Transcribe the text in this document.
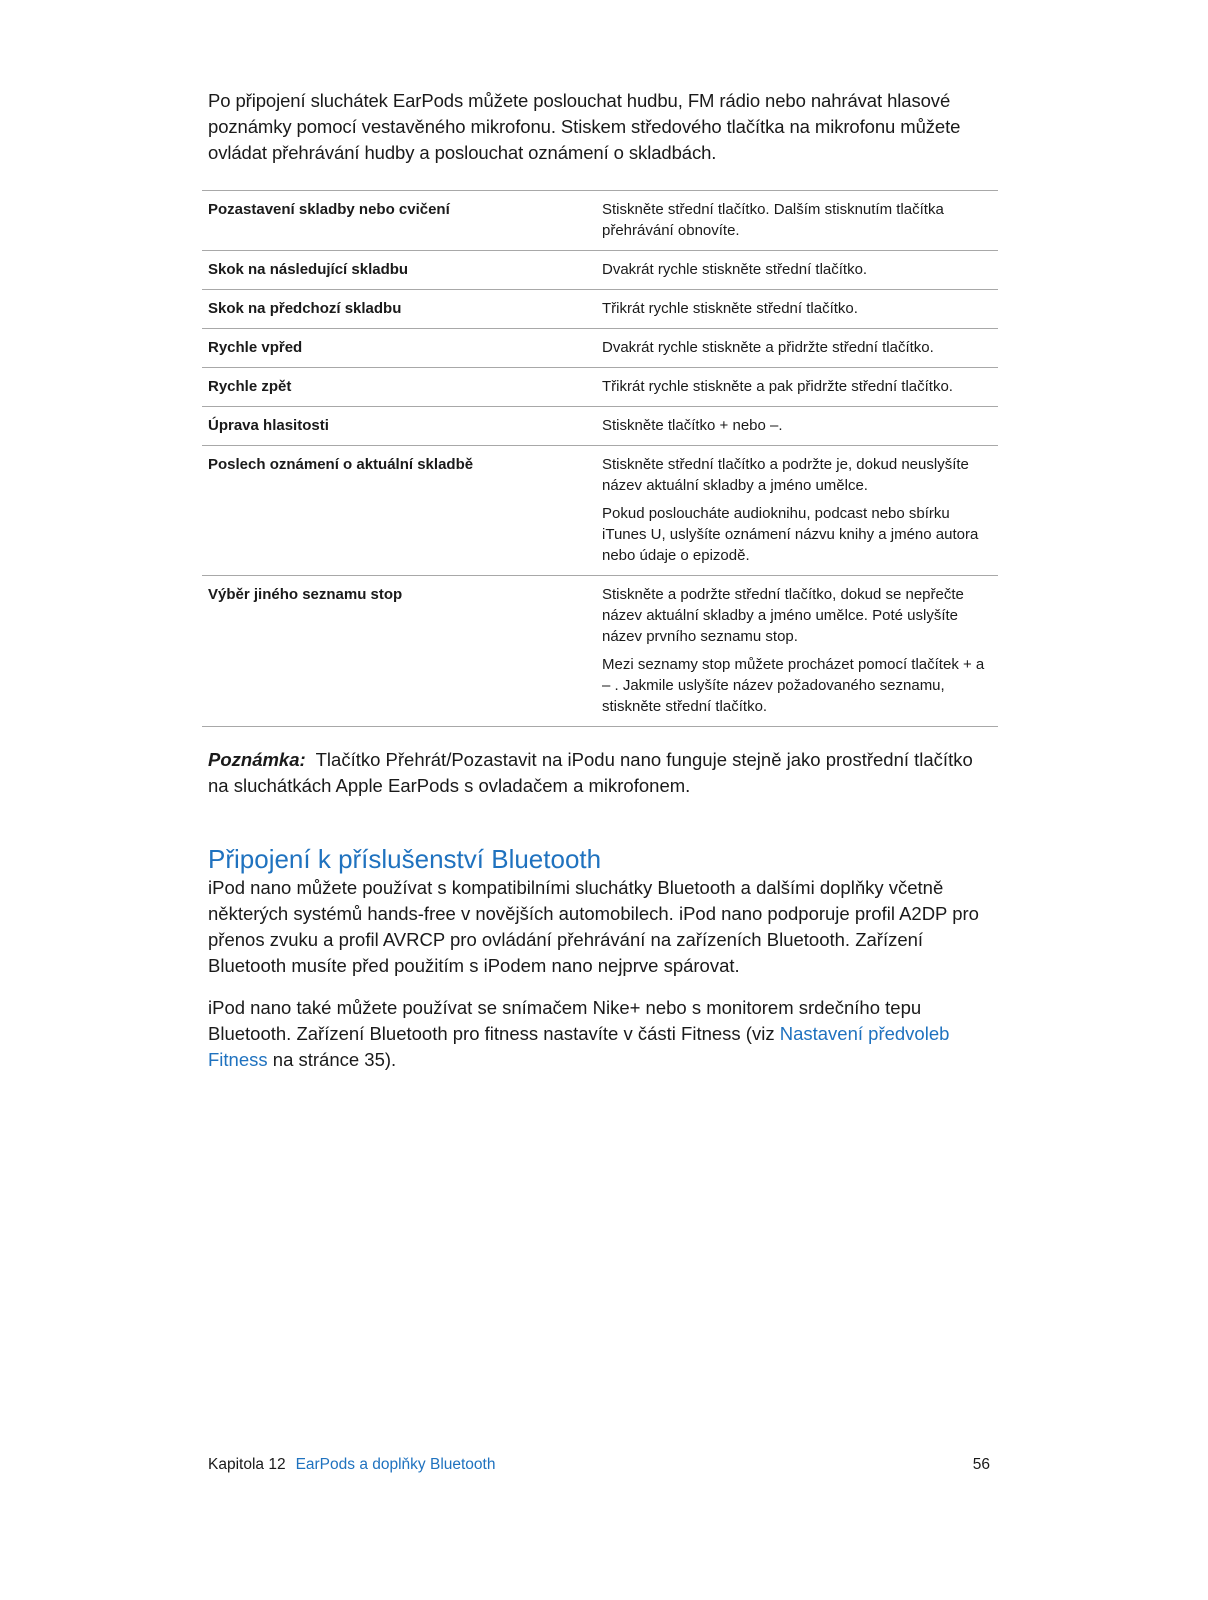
Po připojení sluchátek EarPods můžete poslouchat hudbu, FM rádio nebo nahrávat hlasové poznámky pomocí vestavěného mikrofonu. Stiskem středového tlačítka na mikrofonu můžete ovládat přehrávání hudby a poslouchat oznámení o skladbách.

Pozastavení skladby nebo cvičení	Stiskněte střední tlačítko. Dalším stisknutím tlačítka přehrávání obnovíte.

Skok na následující skladbu	Dvakrát rychle stiskněte střední tlačítko.

Skok na předchozí skladbu	Třikrát rychle stiskněte střední tlačítko.

Rychle vpřed	Dvakrát rychle stiskněte a přidržte střední tlačítko.

Rychle zpět	Třikrát rychle stiskněte a pak přidržte střední tlačítko.

Úprava hlasitosti	Stiskněte tlačítko + nebo –.

Poslech oznámení o aktuální skladbě	Stiskněte střední tlačítko a podržte je, dokud neuslyšíte název aktuální skladby a jméno umělce.

Pokud posloucháte audioknihu, podcast nebo sbírku iTunes U, uslyšíte oznámení názvu knihy a jméno autora nebo údaje o epizodě.

Výběr jiného seznamu stop	Stiskněte a podržte střední tlačítko, dokud se nepřečte název aktuální skladby a jméno umělce. Poté uslyšíte název prvního seznamu stop.

Mezi seznamy stop můžete procházet pomocí tlačítek + a – . Jakmile uslyšíte název požadovaného seznamu, stiskněte střední tlačítko.

Poznámka: Tlačítko Přehrát/Pozastavit na iPodu nano funguje stejně jako prostřední tlačítko na sluchátkách Apple EarPods s ovladačem a mikrofonem.

Připojení k příslušenství Bluetooth

iPod nano můžete používat s kompatibilními sluchátky Bluetooth a dalšími doplňky včetně některých systémů hands-free v novějších automobilech. iPod nano podporuje profil A2DP pro přenos zvuku a profil AVRCP pro ovládání přehrávání na zařízeních Bluetooth. Zařízení Bluetooth musíte před použitím s iPodem nano nejprve spárovat.

iPod nano také můžete používat se snímačem Nike+ nebo s monitorem srdečního tepu Bluetooth. Zařízení Bluetooth pro fitness nastavíte v části Fitness (viz Nastavení předvoleb Fitness na stránce 35).

Kapitola 12 EarPods a doplňky Bluetooth	56
